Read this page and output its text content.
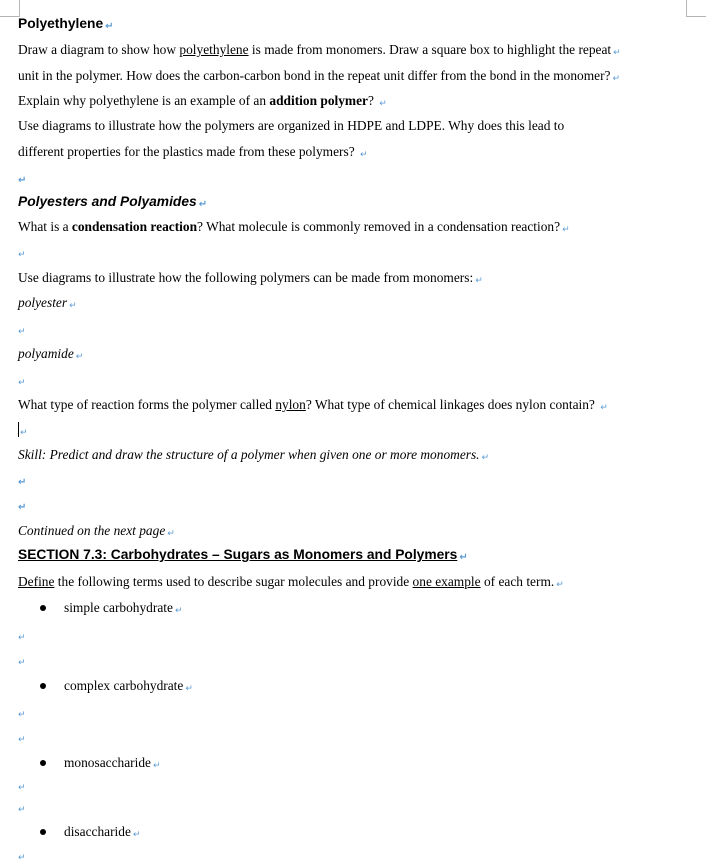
Polyethylene ↵
Draw a diagram to show how polyethylene is made from monomers. Draw a square box to highlight the repeat ↵
unit in the polymer. How does the carbon-carbon bond in the repeat unit differ from the bond in the monomer? ↵
Explain why polyethylene is an example of an addition polymer? ↵
Use diagrams to illustrate how the polymers are organized in HDPE and LDPE. Why does this lead to
different properties for the plastics made from these polymers? ↵
↵
Polyesters and Polyamides ↵
What is a condensation reaction? What molecule is commonly removed in a condensation reaction? ↵
↵
Use diagrams to illustrate how the following polymers can be made from monomers: ↵
polyester ↵
↵
polyamide ↵
↵
What type of reaction forms the polymer called nylon? What type of chemical linkages does nylon contain? ↵
↵
Skill: Predict and draw the structure of a polymer when given one or more monomers. ↵
↵
↵
Continued on the next page ↵
SECTION 7.3: Carbohydrates – Sugars as Monomers and Polymers ↵
Define the following terms used to describe sugar molecules and provide one example of each term. ↵
simple carbohydrate ↵
↵
↵
complex carbohydrate ↵
↵
↵
monosaccharide ↵
↵
↵
disaccharide ↵
↵
